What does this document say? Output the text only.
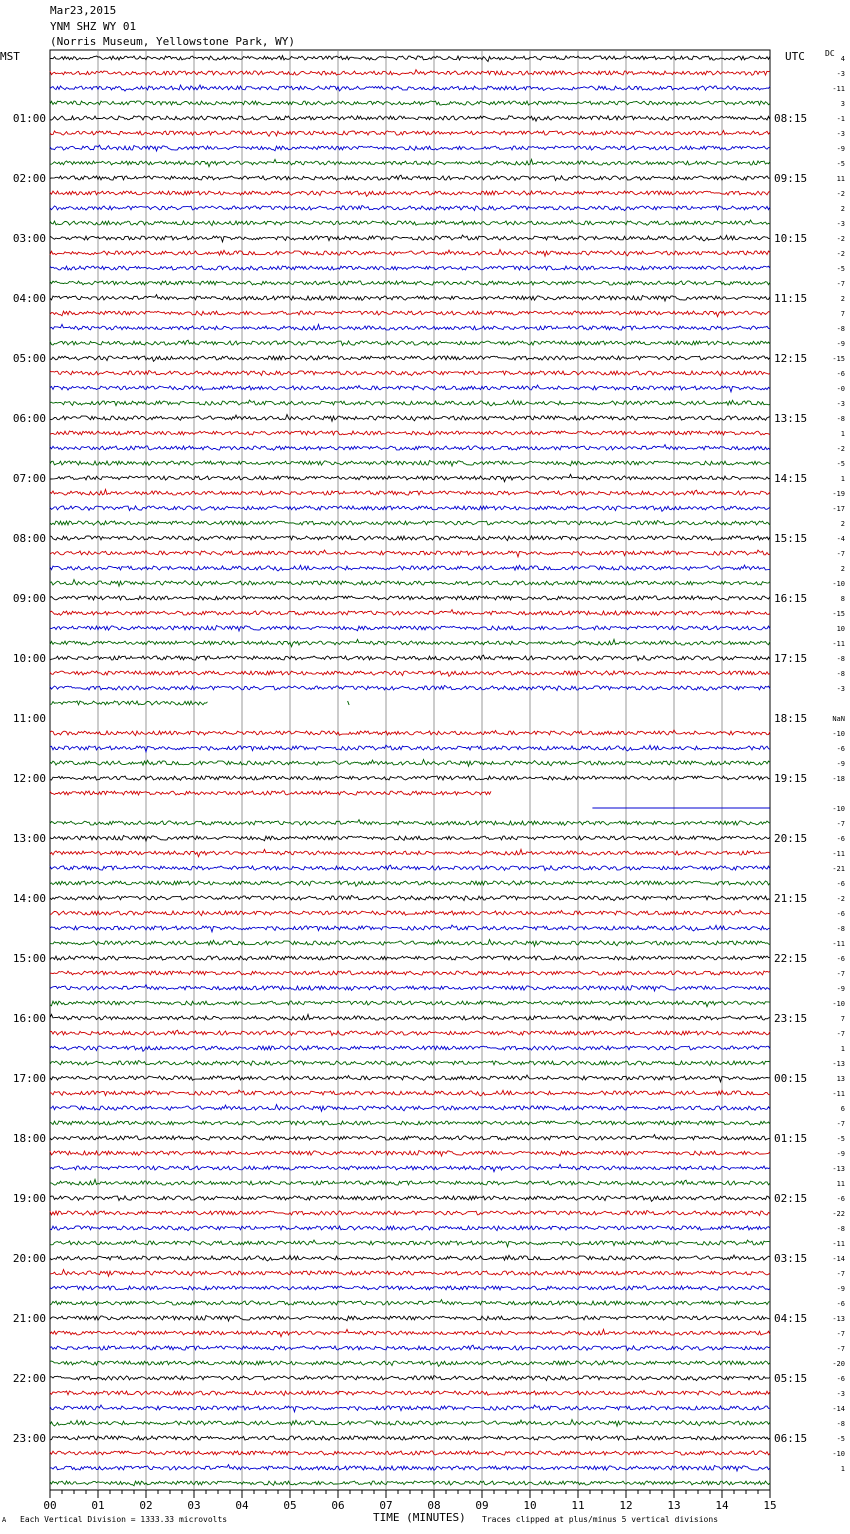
Mar23,2015
YNM SHZ WY 01
(Norris Museum, Yellowstone Park, WY)
MST	UTC	DC
01:00
02:00
03:00
04:00
05:00
06:00
07:00
08:00
09:00
10:00
11:00
12:00
13:00
14:00
15:00
16:00
17:00
18:00
19:00
20:00
21:00
22:00
23:00
08:15
09:15
10:15
11:15
12:15
13:15
14:15
15:15
16:15
17:15
18:15
19:15
20:15
21:15
22:15
23:15
00:15
01:15
02:15
03:15
04:15
05:15
06:15
4
-3
-11
3
-1
-3
-9
-5
11
-2
2
-3
-2
-2
-5
-7
2
7
-8
-9
-15
-6
-0
-3
-8
1
-2
-5
1
-19
-17
2
-4
-7
2
-10
8
-15
10
-11
-8
-8
-3
NaN
-10
-6
-9
-18
-10
-7
-6
-11
-21
-6
-2
-6
-8
-11
-6
-7
-9
-10
7
-7
1
-13
13
-11
6
-7
-5
-9
-13
11
-6
-22
-8
-11
-14
-7
-9
-6
-13
-7
-7
-20
-6
-3
-14
-8
-5
-10
1
00	01	02	03	04	05	06	07	08	09	10	11	12	13	14	15
A Each Vertical Division = 1333.33 microvolts	TIME (MINUTES) Traces clipped at plus/minus 5 vertical divisions
